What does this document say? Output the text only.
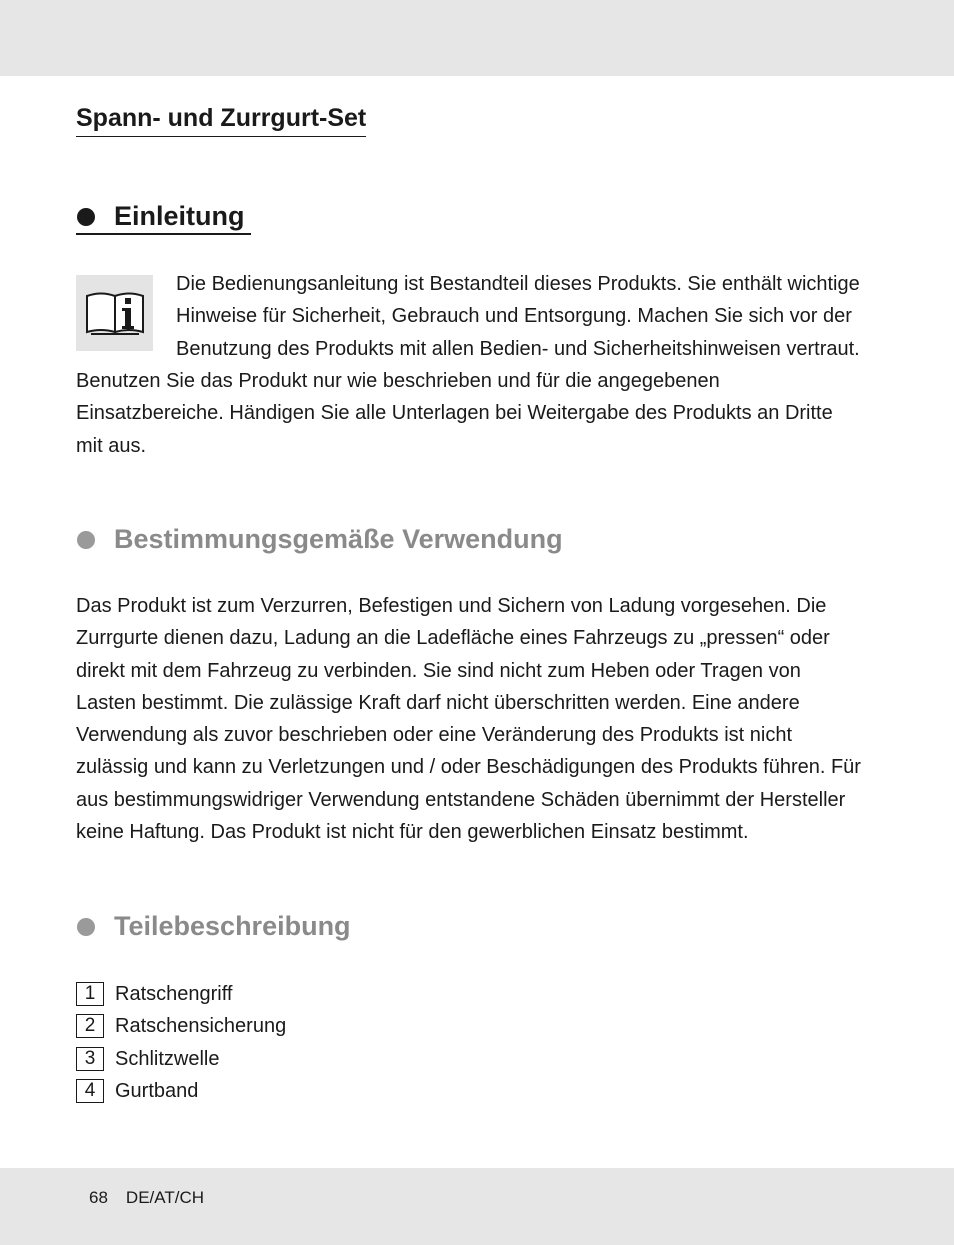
Spann- und Zurrgurt-Set
Einleitung
Die Bedienungsanleitung ist Bestandteil dieses Produkts. Sie enthält wichtige
Hinweise für Sicherheit, Gebrauch und Entsorgung. Machen Sie sich vor der
Benutzung des Produkts mit allen Bedien- und Sicherheitshinweisen vertraut.
Benutzen Sie das Produkt nur wie beschrieben und für die angegebenen
Einsatzbereiche. Händigen Sie alle Unterlagen bei Weitergabe des Produkts an Dritte
mit aus.
Bestimmungsgemäße Verwendung
Das Produkt ist zum Verzurren, Befestigen und Sichern von Ladung vorgesehen. Die
Zurrgurte dienen dazu, Ladung an die Ladefläche eines Fahrzeugs zu „pressen“ oder
direkt mit dem Fahrzeug zu verbinden. Sie sind nicht zum Heben oder Tragen von
Lasten bestimmt. Die zulässige Kraft darf nicht überschritten werden. Eine andere
Verwendung als zuvor beschrieben oder eine Veränderung des Produkts ist nicht
zulässig und kann zu Verletzungen und / oder Beschädigungen des Produkts führen. Für
aus bestimmungswidriger Verwendung entstandene Schäden übernimmt der Hersteller
keine Haftung. Das Produkt ist nicht für den gewerblichen Einsatz bestimmt.
Teilebeschreibung
1 Ratschengriff
2 Ratschensicherung
3 Schlitzwelle
4 Gurtband
68 DE/AT/CH
